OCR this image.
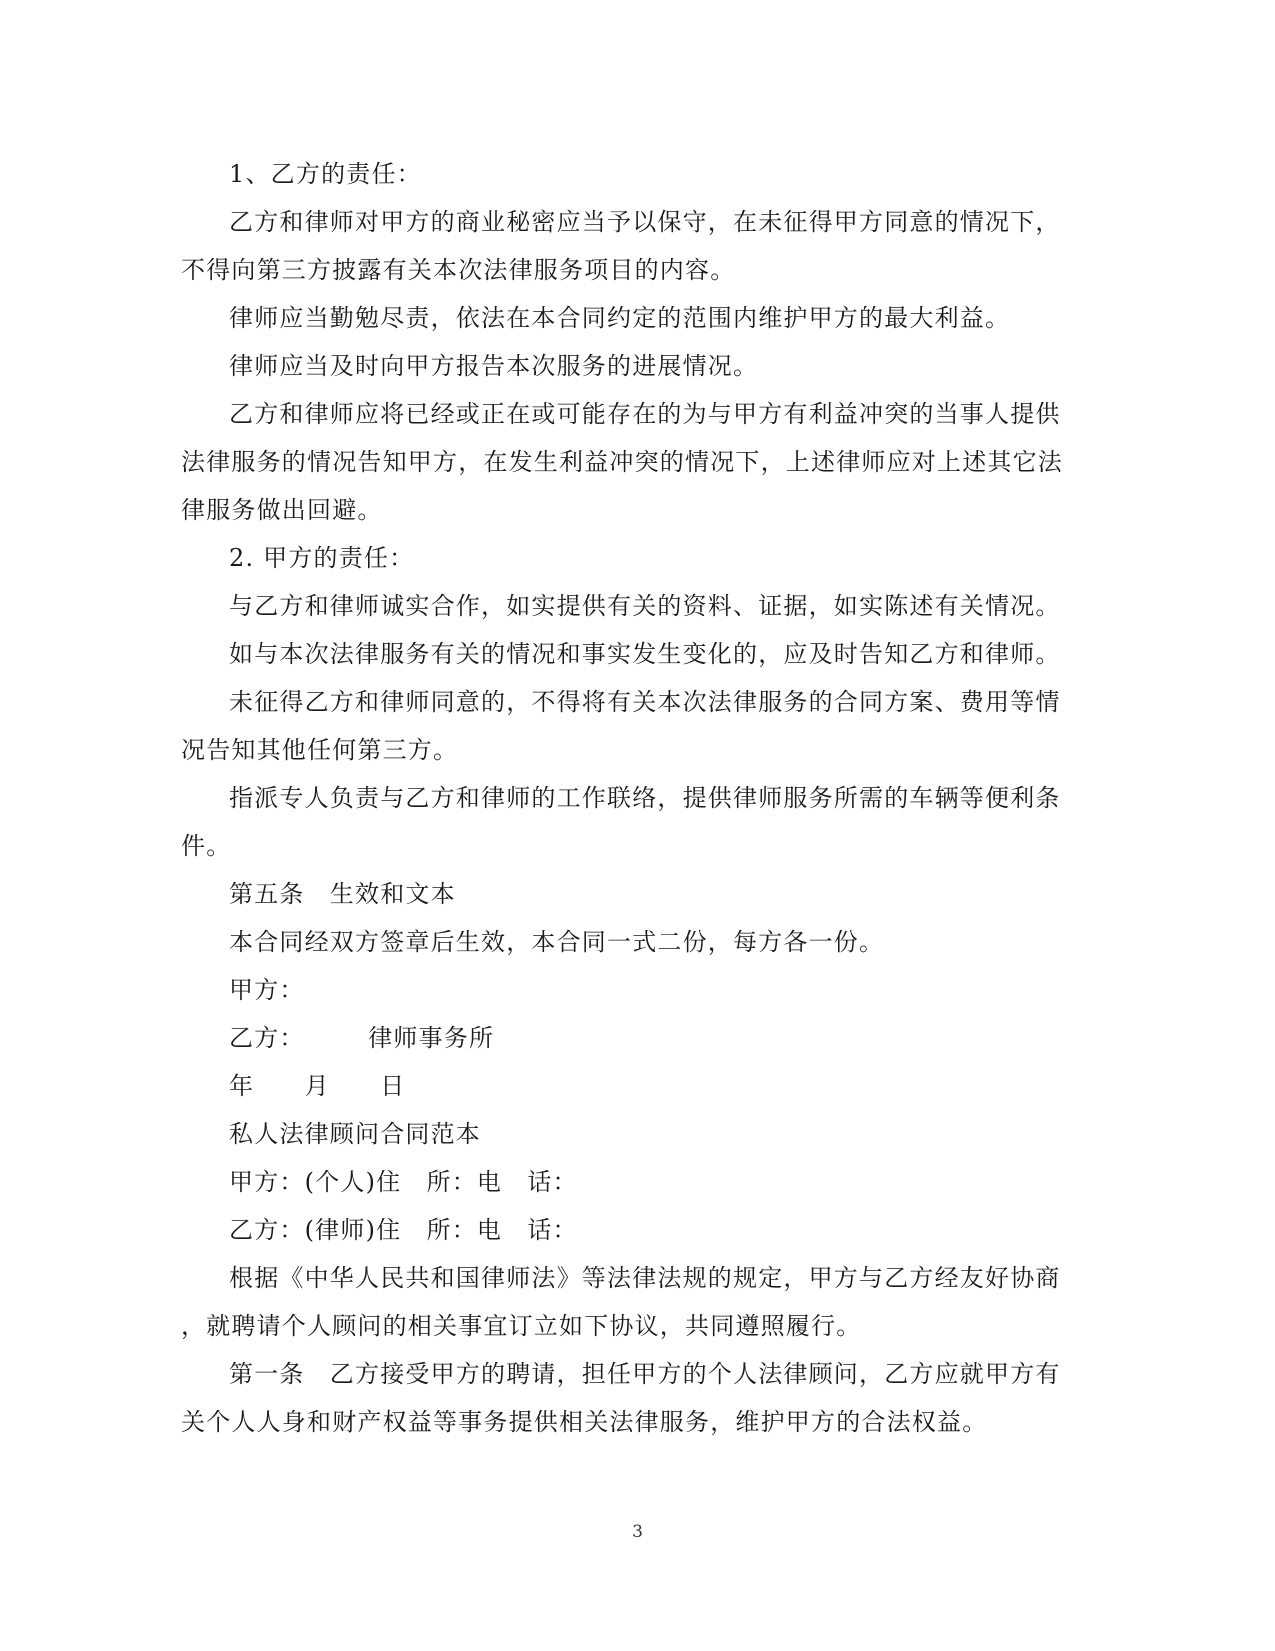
1、乙方的责任：
乙方和律师对甲方的商业秘密应当予以保守，在未征得甲方同意的情况下，
不得向第三方披露有关本次法律服务项目的内容。
律师应当勤勉尽责，依法在本合同约定的范围内维护甲方的最大利益。
律师应当及时向甲方报告本次服务的进展情况。
乙方和律师应将已经或正在或可能存在的为与甲方有利益冲突的当事人提供
法律服务的情况告知甲方，在发生利益冲突的情况下，上述律师应对上述其它法
律服务做出回避。
2. 甲方的责任：
与乙方和律师诚实合作，如实提供有关的资料、证据，如实陈述有关情况。
如与本次法律服务有关的情况和事实发生变化的，应及时告知乙方和律师。
未征得乙方和律师同意的，不得将有关本次法律服务的合同方案、费用等情
况告知其他任何第三方。
指派专人负责与乙方和律师的工作联络，提供律师服务所需的车辆等便利条
件。
第五条　生效和文本
本合同经双方签章后生效，本合同一式二份，每方各一份。
甲方：
乙方：　　　律师事务所
年　　月　　日
私人法律顾问合同范本
甲方：(个人)住　所：电　话：
乙方：(律师)住　所：电　话：
根据《中华人民共和国律师法》等法律法规的规定，甲方与乙方经友好协商
，就聘请个人顾问的相关事宜订立如下协议，共同遵照履行。
第一条　乙方接受甲方的聘请，担任甲方的个人法律顾问，乙方应就甲方有
关个人人身和财产权益等事务提供相关法律服务，维护甲方的合法权益。
3
